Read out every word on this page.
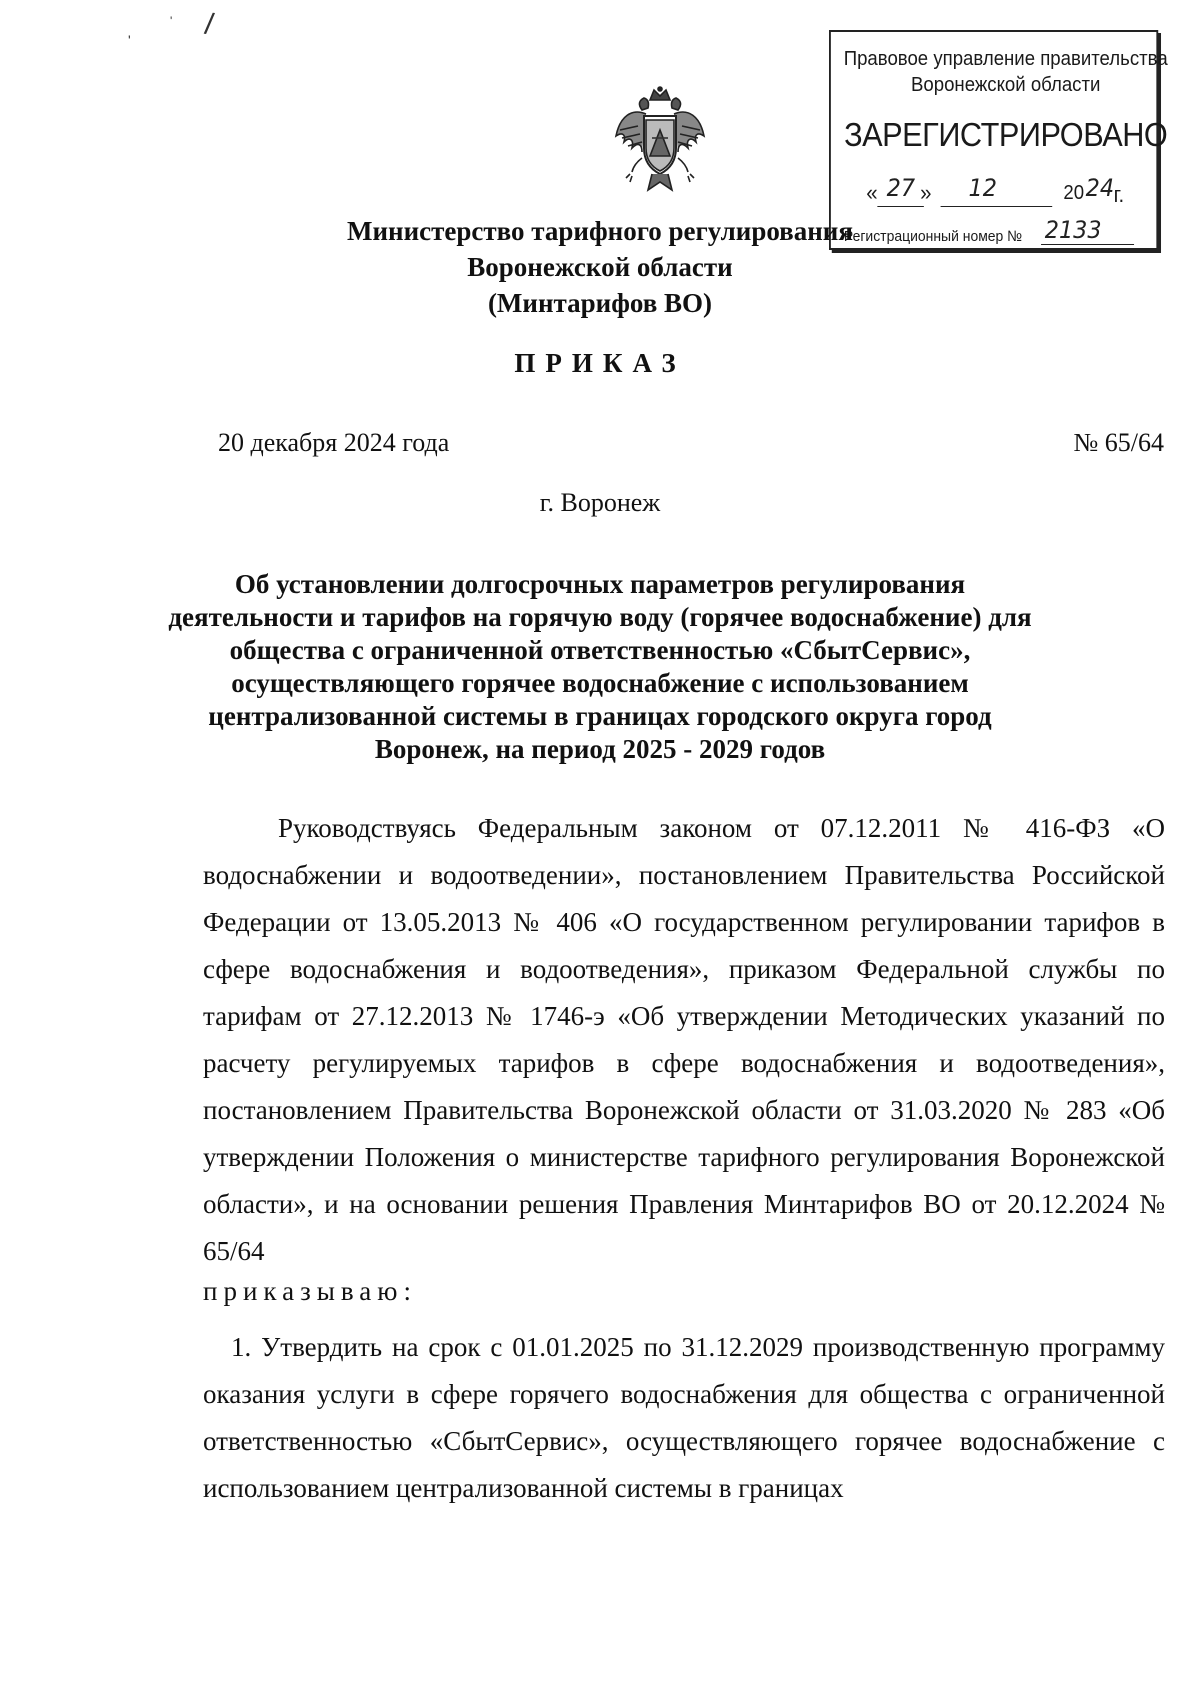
'
' /
Правовое управление правительства
Воронежской области
ЗАРЕГИСТРИРОВАНО
« 27 » 12	20 24 г.
Регистрационный номер № 2133
Министерство тарифного регулирования
Воронежской области
(Минтарифов ВО)
ПРИКАЗ
20 декабря 2024 года	№ 65/64
г. Воронеж
Об установлении долгосрочных параметров регулирования
деятельности и тарифов на горячую воду (горячее водоснабжение) для
общества с ограниченной ответственностью «СбытСервис»,
осуществляющего горячее водоснабжение с использованием
централизованной системы в границах городского округа город
Воронеж, на период 2025 - 2029 годов
Руководствуясь Федеральным законом от 07.12.2011 № 416-ФЗ «О водоснабжении и водоотведении», постановлением Правительства Российской Федерации от 13.05.2013 № 406 «О государственном регулировании тарифов в сфере водоснабжения и водоотведения», приказом Федеральной службы по тарифам от 27.12.2013 № 1746-э «Об утверждении Методических указаний по расчету регулируемых тарифов в сфере водоснабжения и водоотведения», постановлением Правительства Воронежской области от 31.03.2020 № 283 «Об утверждении Положения о министерстве тарифного регулирования Воронежской области», и на основании решения Правления Минтарифов ВО от 20.12.2024 № 65/64
приказываю:
1. Утвердить на срок с 01.01.2025 по 31.12.2029 производственную программу оказания услуги в сфере горячего водоснабжения для общества с ограниченной ответственностью «СбытСервис», осуществляющего горячее водоснабжение с использованием централизованной системы в границах
